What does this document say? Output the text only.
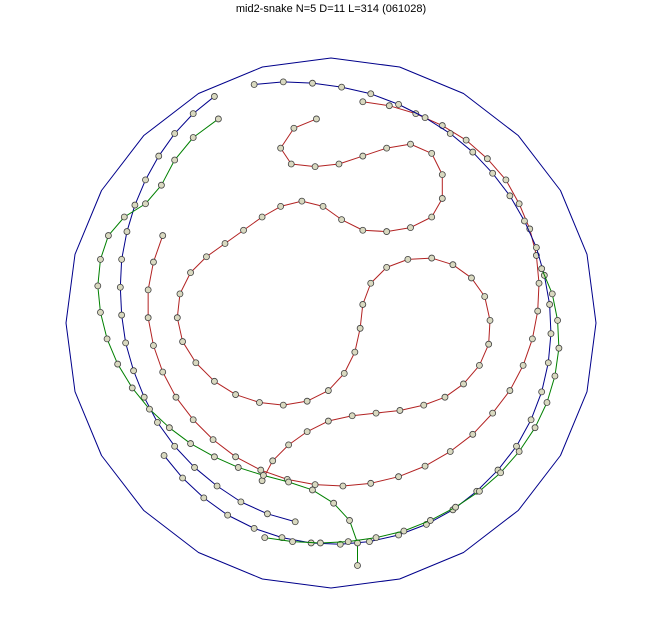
mid2-snake N=5 D=11 L=314 (061028)
